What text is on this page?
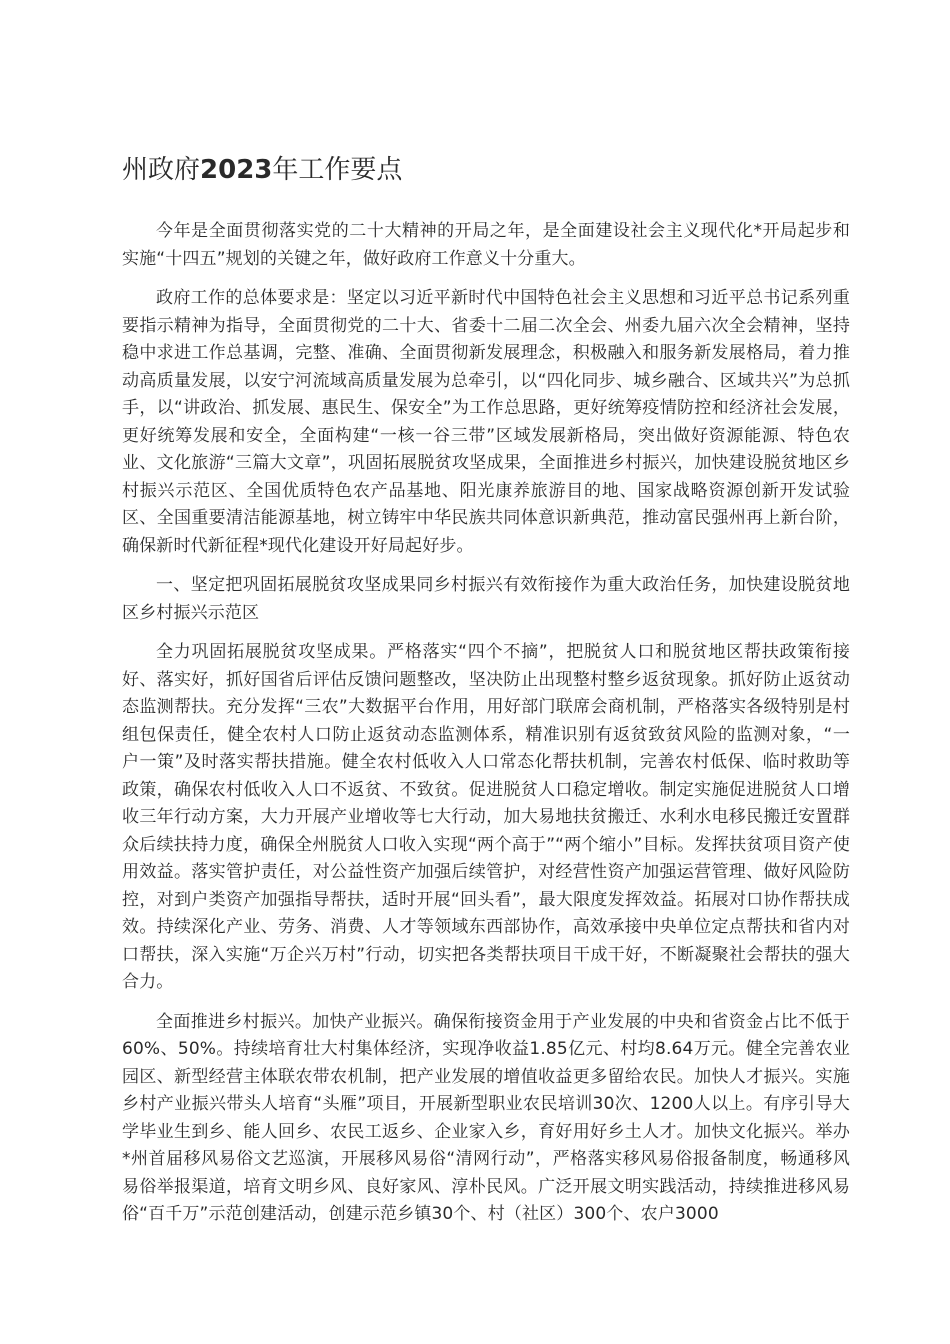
州政府2023年工作要点

今年是全面贯彻落实党的二十大精神的开局之年，是全面建设社会主义现代化*开局起步和实施“十四五”规划的关键之年，做好政府工作意义十分重大。

政府工作的总体要求是：坚定以习近平新时代中国特色社会主义思想和习近平总书记系列重要指示精神为指导，全面贯彻党的二十大、省委十二届二次全会、州委九届六次全会精神，坚持稳中求进工作总基调，完整、准确、全面贯彻新发展理念，积极融入和服务新发展格局，着力推动高质量发展，以安宁河流域高质量发展为总牵引，以“四化同步、城乡融合、区域共兴”为总抓手，以“讲政治、抓发展、惠民生、保安全”为工作总思路，更好统筹疫情防控和经济社会发展，更好统筹发展和安全，全面构建“一核一谷三带”区域发展新格局，突出做好资源能源、特色农业、文化旅游“三篇大文章”，巩固拓展脱贫攻坚成果，全面推进乡村振兴，加快建设脱贫地区乡村振兴示范区、全国优质特色农产品基地、阳光康养旅游目的地、国家战略资源创新开发试验区、全国重要清洁能源基地，树立铸牢中华民族共同体意识新典范，推动富民强州再上新台阶，确保新时代新征程*现代化建设开好局起好步。

一、坚定把巩固拓展脱贫攻坚成果同乡村振兴有效衔接作为重大政治任务，加快建设脱贫地区乡村振兴示范区

全力巩固拓展脱贫攻坚成果。严格落实“四个不摘”，把脱贫人口和脱贫地区帮扶政策衔接好、落实好，抓好国省后评估反馈问题整改，坚决防止出现整村整乡返贫现象。抓好防止返贫动态监测帮扶。充分发挥“三农”大数据平台作用，用好部门联席会商机制，严格落实各级特别是村组包保责任，健全农村人口防止返贫动态监测体系，精准识别有返贫致贫风险的监测对象，“一户一策”及时落实帮扶措施。健全农村低收入人口常态化帮扶机制，完善农村低保、临时救助等政策，确保农村低收入人口不返贫、不致贫。促进脱贫人口稳定增收。制定实施促进脱贫人口增收三年行动方案，大力开展产业增收等七大行动，加大易地扶贫搬迁、水利水电移民搬迁安置群众后续扶持力度，确保全州脱贫人口收入实现“两个高于”“两个缩小”目标。发挥扶贫项目资产使用效益。落实管护责任，对公益性资产加强后续管护，对经营性资产加强运营管理、做好风险防控，对到户类资产加强指导帮扶，适时开展“回头看”，最大限度发挥效益。拓展对口协作帮扶成效。持续深化产业、劳务、消费、人才等领域东西部协作，高效承接中央单位定点帮扶和省内对口帮扶，深入实施“万企兴万村”行动，切实把各类帮扶项目干成干好，不断凝聚社会帮扶的强大合力。

全面推进乡村振兴。加快产业振兴。确保衔接资金用于产业发展的中央和省资金占比不低于60%、50%。持续培育壮大村集体经济，实现净收益1.85亿元、村均8.64万元。健全完善农业园区、新型经营主体联农带农机制，把产业发展的增值收益更多留给农民。加快人才振兴。实施乡村产业振兴带头人培育“头雁”项目，开展新型职业农民培训30次、1200人以上。有序引导大学毕业生到乡、能人回乡、农民工返乡、企业家入乡，育好用好乡土人才。加快文化振兴。举办*州首届移风易俗文艺巡演，开展移风易俗“清网行动”，严格落实移风易俗报备制度，畅通移风易俗举报渠道，培育文明乡风、良好家风、淳朴民风。广泛开展文明实践活动，持续推进移风易俗“百千万”示范创建活动，创建示范乡镇30个、村（社区）300个、农户3000
